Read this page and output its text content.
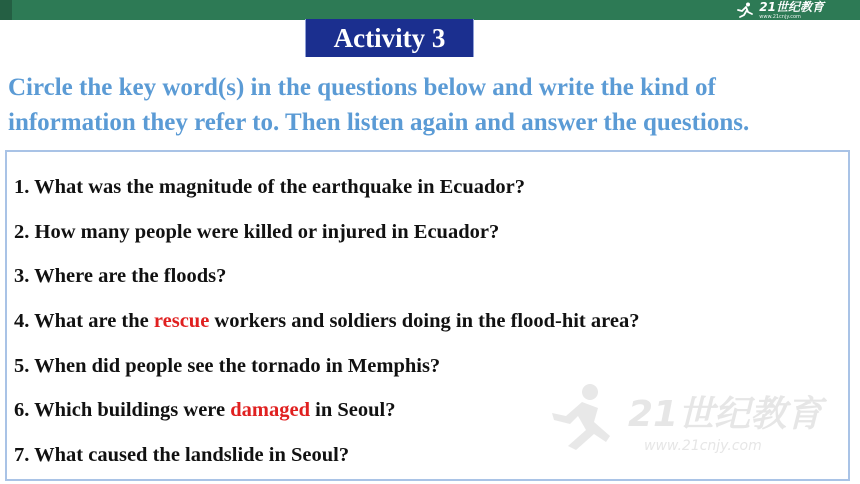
21世纪教育
www.21cnjy.com
Activity 3
Circle the key word(s) in the questions below and write the kind of
information they refer to. Then listen again and answer the questions.
21世纪教育
www.21cnjy.com
1. What was the magnitude of the earthquake in Ecuador?
2. How many people were killed or injured in Ecuador?
3. Where are the floods?
4. What are the rescue workers and soldiers doing in the flood-hit area?
5. When did people see the tornado in Memphis?
6. Which buildings were damaged in Seoul?
7. What caused the landslide in Seoul?
